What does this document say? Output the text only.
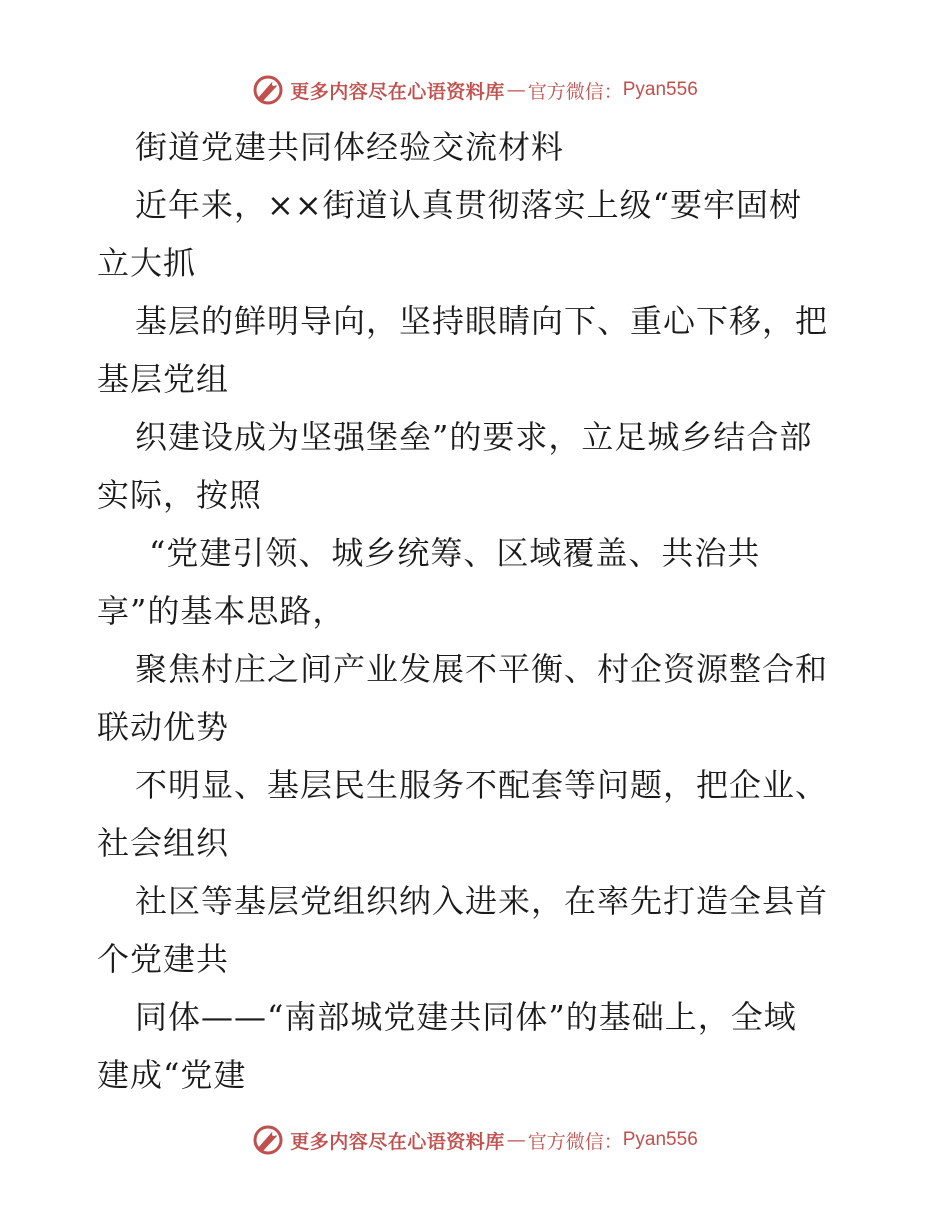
更多内容尽在心语资料库 — 官方微信： Pyan556
街道党建共同体经验交流材料
近年来，××街道认真贯彻落实上级“要牢固树
立大抓
基层的鲜明导向，坚持眼睛向下、重心下移，把
基层党组
织建设成为坚强堡垒”的要求，立足城乡结合部
实际，按照
“党建引领、城乡统筹、区域覆盖、共治共
享”的基本思路，
聚焦村庄之间产业发展不平衡、村企资源整合和
联动优势
不明显、基层民生服务不配套等问题，把企业、
社会组织
社区等基层党组织纳入进来，在率先打造全县首
个党建共
同体——“南部城党建共同体”的基础上，全域
建成“党建
更多内容尽在心语资料库 — 官方微信： Pyan556
